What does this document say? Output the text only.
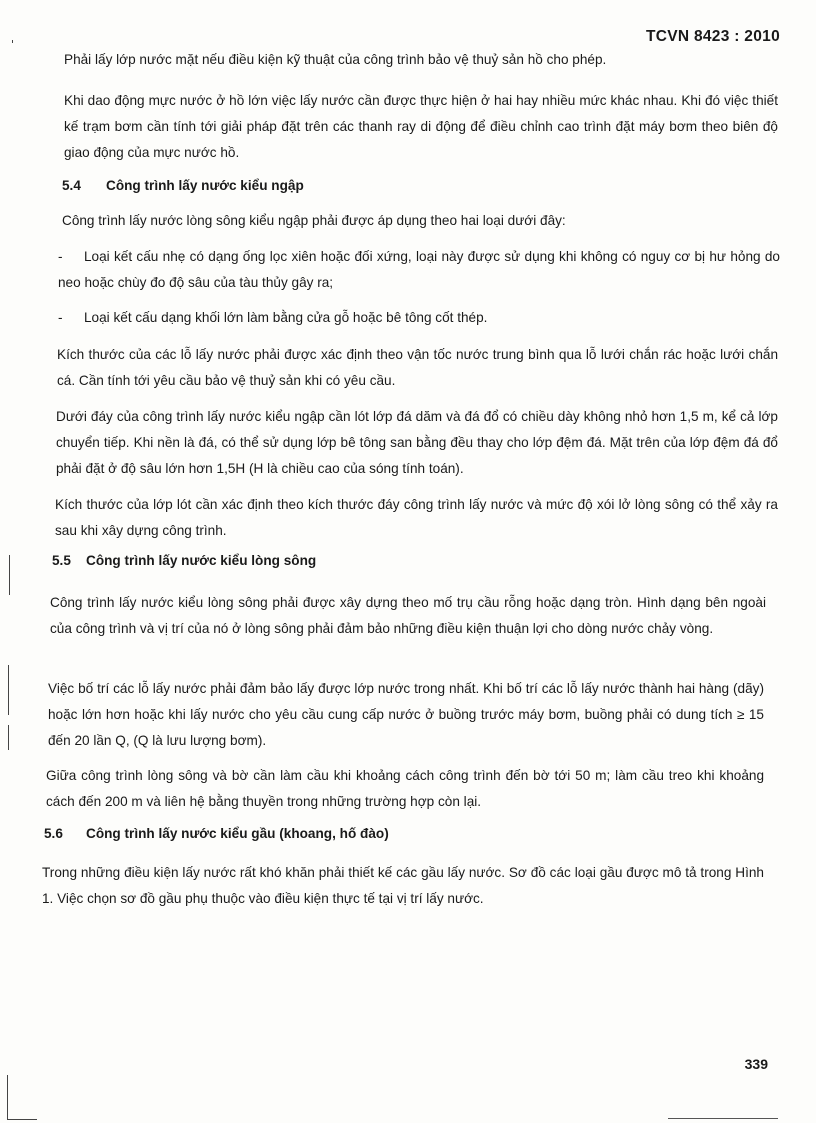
TCVN 8423 : 2010

Phải lấy lớp nước mặt nếu điều kiện kỹ thuật của công trình bảo vệ thuỷ sản hồ cho phép.

Khi dao động mực nước ở hồ lớn việc lấy nước cần được thực hiện ở hai hay nhiều mức khác nhau. Khi đó việc thiết kế trạm bơm cần tính tới giải pháp đặt trên các thanh ray di động để điều chỉnh cao trình đặt máy bơm theo biên độ giao động của mực nước hồ.

5.4 Công trình lấy nước kiểu ngập

Công trình lấy nước lòng sông kiểu ngập phải được áp dụng theo hai loại dưới đây:

-	Loại kết cấu nhẹ có dạng ống lọc xiên hoặc đối xứng, loại này được sử dụng khi không có nguy cơ bị hư hỏng do neo hoặc chùy đo độ sâu của tàu thủy gây ra;
-	Loại kết cấu dạng khối lớn làm bằng cửa gỗ hoặc bê tông cốt thép.

Kích thước của các lỗ lấy nước phải được xác định theo vận tốc nước trung bình qua lỗ lưới chắn rác hoặc lưới chắn cá. Cần tính tới yêu cầu bảo vệ thuỷ sản khi có yêu cầu.

Dưới đáy của công trình lấy nước kiểu ngập cần lót lớp đá dăm và đá đổ có chiều dày không nhỏ hơn 1,5 m, kể cả lớp chuyển tiếp. Khi nền là đá, có thể sử dụng lớp bê tông san bằng đều thay cho lớp đệm đá. Mặt trên của lớp đệm đá đổ phải đặt ở độ sâu lớn hơn 1,5H (H là chiều cao của sóng tính toán).

Kích thước của lớp lót cần xác định theo kích thước đáy công trình lấy nước và mức độ xói lở lòng sông có thể xảy ra sau khi xây dựng công trình.

5.5 Công trình lấy nước kiểu lòng sông

Công trình lấy nước kiểu lòng sông phải được xây dựng theo mố trụ cầu rỗng hoặc dạng tròn. Hình dạng bên ngoài của công trình và vị trí của nó ở lòng sông phải đảm bảo những điều kiện thuận lợi cho dòng nước chảy vòng.

Việc bố trí các lỗ lấy nước phải đảm bảo lấy được lớp nước trong nhất. Khi bố trí các lỗ lấy nước thành hai hàng (dãy) hoặc lớn hơn hoặc khi lấy nước cho yêu cầu cung cấp nước ở buồng trước máy bơm, buồng phải có dung tích ≥ 15 đến 20 lần Q, (Q là lưu lượng bơm).

Giữa công trình lòng sông và bờ cần làm cầu khi khoảng cách công trình đến bờ tới 50 m; làm cầu treo khi khoảng cách đến 200 m và liên hệ bằng thuyền trong những trường hợp còn lại.

5.6 Công trình lấy nước kiểu gầu (khoang, hố đào)

Trong những điều kiện lấy nước rất khó khăn phải thiết kế các gầu lấy nước. Sơ đồ các loại gầu được mô tả trong Hình 1. Việc chọn sơ đồ gầu phụ thuộc vào điều kiện thực tế tại vị trí lấy nước.

339
